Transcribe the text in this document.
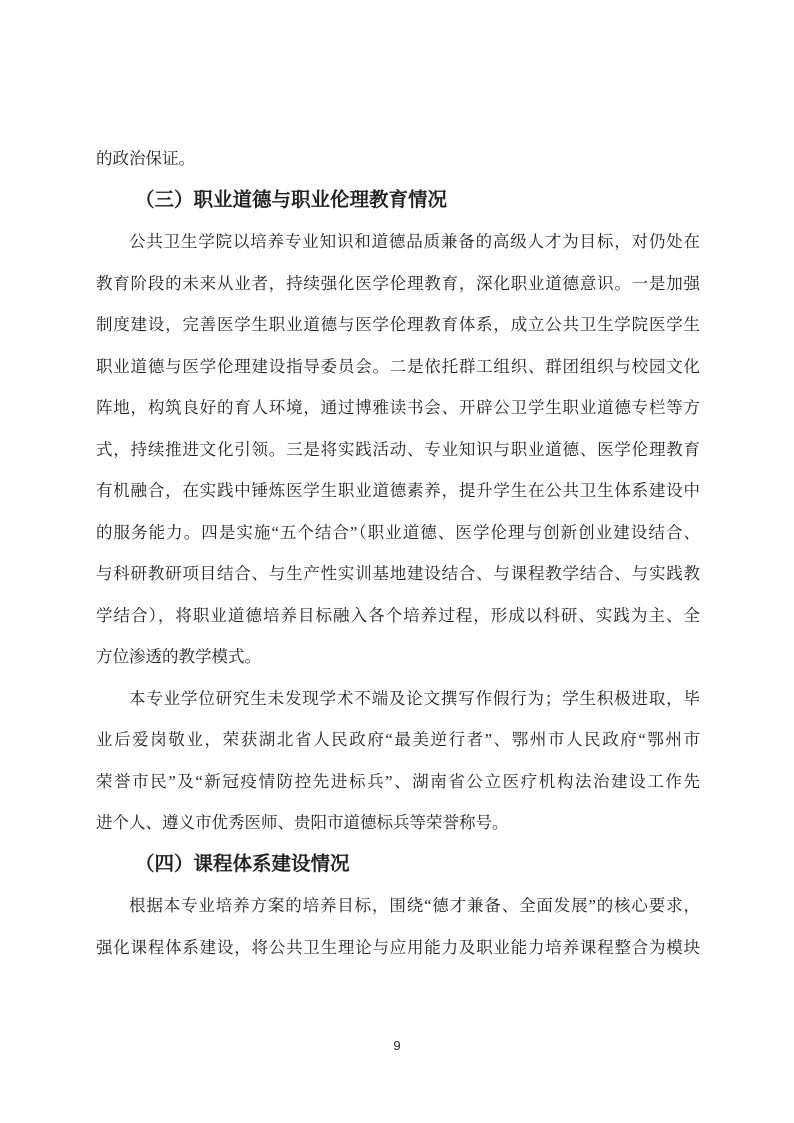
的政治保证。
（三）职业道德与职业伦理教育情况
公共卫生学院以培养专业知识和道德品质兼备的高级人才为目标，对仍处在
教育阶段的未来从业者，持续强化医学伦理教育，深化职业道德意识。一是加强
制度建设，完善医学生职业道德与医学伦理教育体系，成立公共卫生学院医学生
职业道德与医学伦理建设指导委员会。二是依托群工组织、群团组织与校园文化
阵地，构筑良好的育人环境，通过博雅读书会、开辟公卫学生职业道德专栏等方
式，持续推进文化引领。三是将实践活动、专业知识与职业道德、医学伦理教育
有机融合，在实践中锤炼医学生职业道德素养，提升学生在公共卫生体系建设中
的服务能力。四是实施“五个结合”（职业道德、医学伦理与创新创业建设结合、
与科研教研项目结合、与生产性实训基地建设结合、与课程教学结合、与实践教
学结合），将职业道德培养目标融入各个培养过程，形成以科研、实践为主、全
方位渗透的教学模式。
本专业学位研究生未发现学术不端及论文撰写作假行为；学生积极进取，毕
业后爱岗敬业，荣获湖北省人民政府“最美逆行者”、鄂州市人民政府“鄂州市
荣誉市民”及“新冠疫情防控先进标兵”、湖南省公立医疗机构法治建设工作先
进个人、遵义市优秀医师、贵阳市道德标兵等荣誉称号。
（四）课程体系建设情况
根据本专业培养方案的培养目标，围绕“德才兼备、全面发展”的核心要求，
强化课程体系建设，将公共卫生理论与应用能力及职业能力培养课程整合为模块
9
